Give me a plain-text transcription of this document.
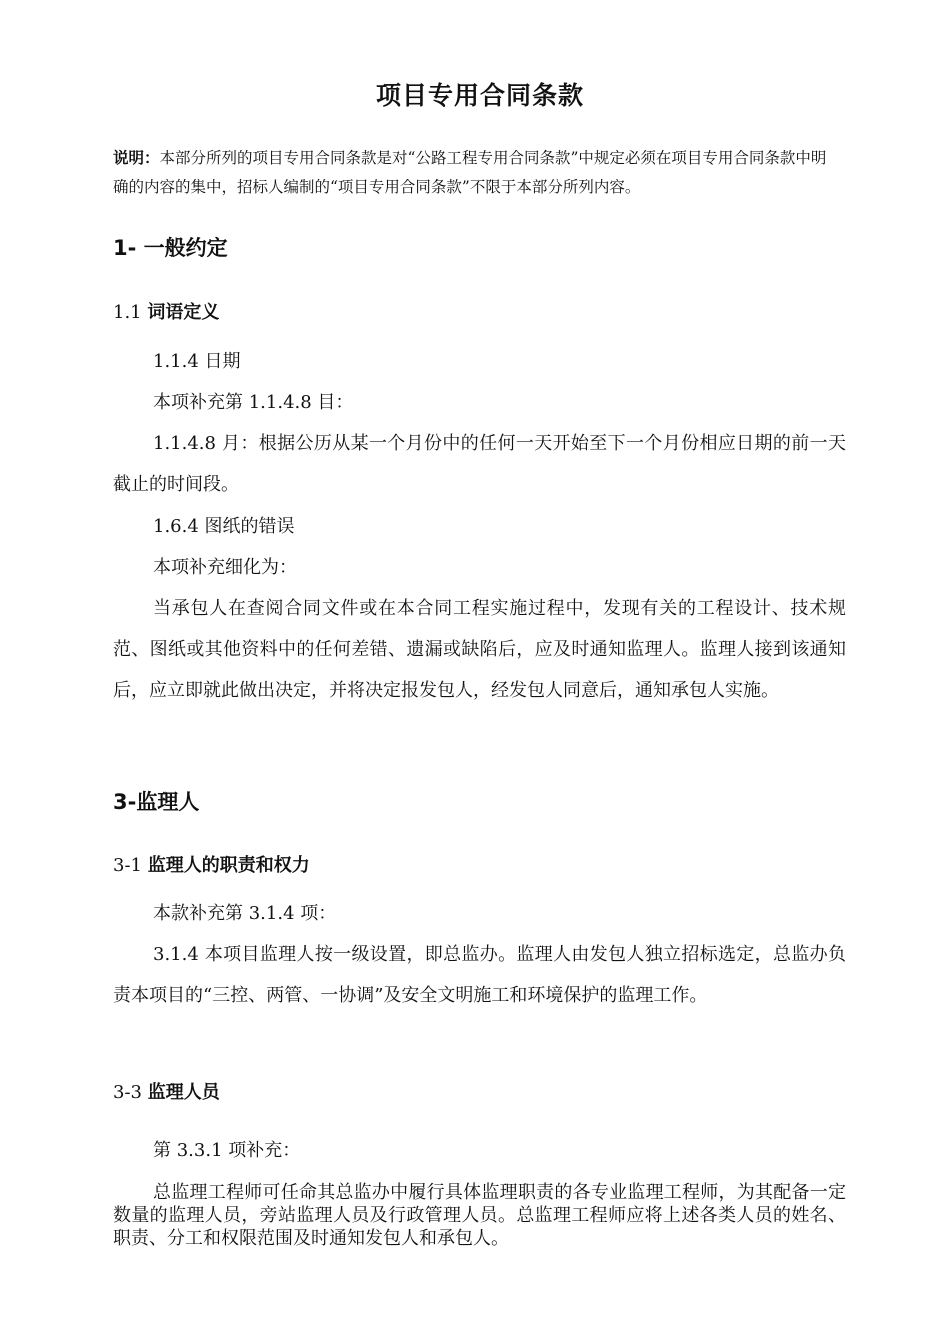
项目专用合同条款

说明：本部分所列的项目专用合同条款是对“公路工程专用合同条款”中规定必须在项目专用合同条款中明确的内容的集中，招标人编制的“项目专用合同条款”不限于本部分所列内容。

1- 一般约定
1.1 词语定义

1.1.4 日期

本项补充第 1.1.4.8 目：

1.1.4.8 月：根据公历从某一个月份中的任何一天开始至下一个月份相应日期的前一天截止的时间段。

1.6.4 图纸的错误

本项补充细化为：

当承包人在查阅合同文件或在本合同工程实施过程中，发现有关的工程设计、技术规范、图纸或其他资料中的任何差错、遗漏或缺陷后，应及时通知监理人。监理人接到该通知后，应立即就此做出决定，并将决定报发包人，经发包人同意后，通知承包人实施。

3-监理人
3-1 监理人的职责和权力

本款补充第 3.1.4 项：

3.1.4 本项目监理人按一级设置，即总监办。监理人由发包人独立招标选定，总监办负责本项目的“三控、两管、一协调”及安全文明施工和环境保护的监理工作。

3-3 监理人员

第 3.3.1 项补充：

总监理工程师可任命其总监办中履行具体监理职责的各专业监理工程师，为其配备一定数量的监理人员，旁站监理人员及行政管理人员。总监理工程师应将上述各类人员的姓名、职责、分工和权限范围及时通知发包人和承包人。
